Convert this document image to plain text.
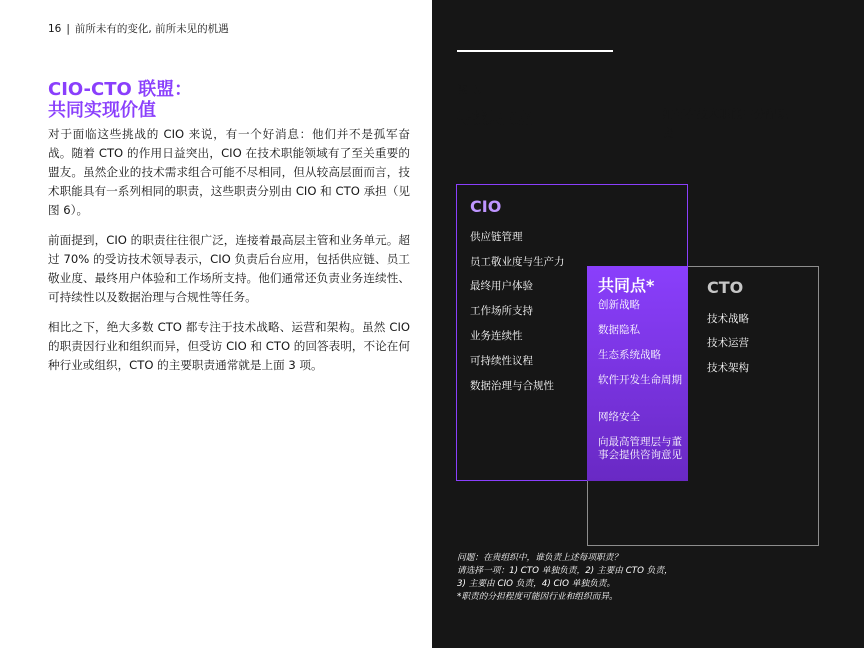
16 | 前所未有的变化, 前所未见的机遇
CIO-CTO 联盟：
共同实现价值

对于面临这些挑战的 CIO 来说，有一个好消息：他们并不是孤军奋战。随着 CTO 的作用日益突出，CIO 在技术职能领域有了至关重要的盟友。虽然企业的技术需求组合可能不尽相同，但从较高层面而言，技术职能具有一系列相同的职责，这些职责分别由 CIO 和 CTO 承担（见图 6）。

前面提到，CIO 的职责往往很广泛，连接着最高层主管和业务单元。超过 70% 的受访技术领导表示，CIO 负责后台应用，包括供应链、员工敬业度、最终用户体验和工作场所支持。他们通常还负责业务连续性、可持续性以及数据治理与合规性等任务。

相比之下，绝大多数 CTO 都专注于技术战略、运营和架构。虽然 CIO 的职责因行业和组织而异，但受访 CIO 和 CTO 的回答表明，不论在何种行业或组织，CTO 的主要职责通常就是上面 3 项。

图 6
寻找共同点	如何在技术职能中分配职责
CIO
供应链管理
员工敬业度与生产力
最终用户体验
工作场所支持
业务连续性
可持续性议程
数据治理与合规性
共同点*
创新战略
数据隐私
生态系统战略
软件开发生命周期
网络安全
向最高管理层与董事会提供咨询意见
CTO
技术战略
技术运营
技术架构
问题：在贵组织中，谁负责上述每项职责？
请选择一项：1) CTO 单独负责，2) 主要由 CTO 负责，
3) 主要由 CIO 负责，4) CIO 单独负责。
*职责的分担程度可能因行业和组织而异。
